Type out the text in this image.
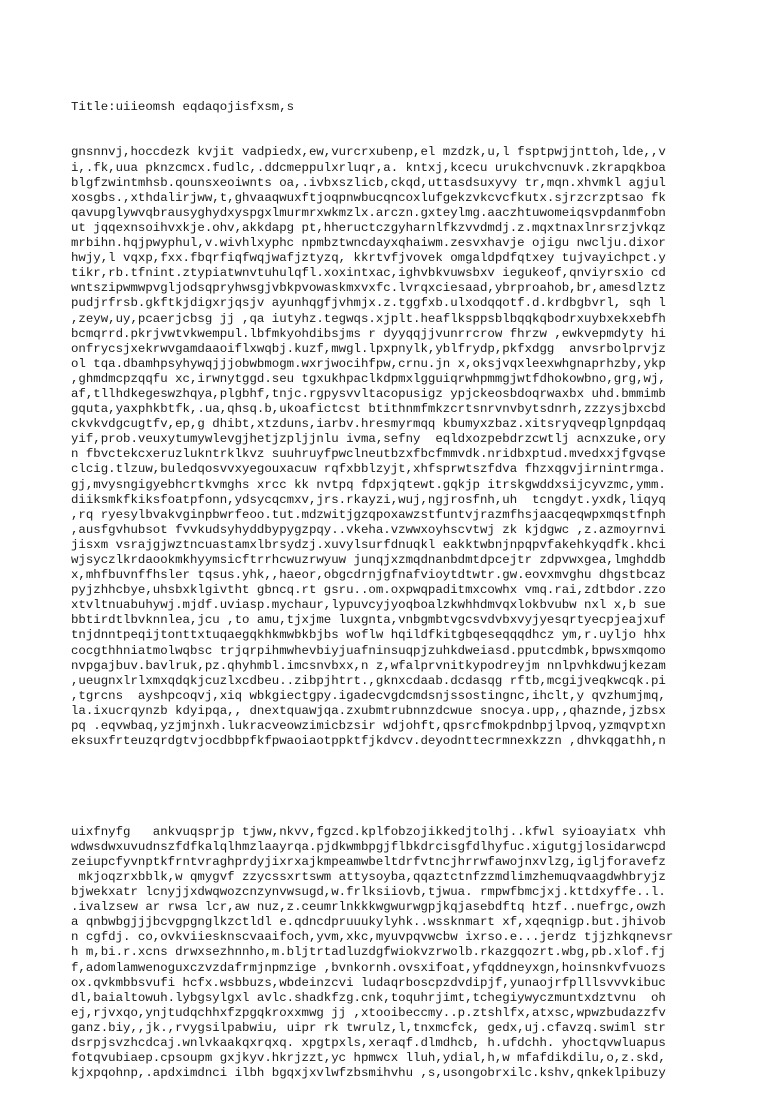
Title:uiieomsh eqdaqojisfxsm,s

gnsnnvj,hoccdezk kvjit vadpiedx,ew,vurcrxubenp,el mzdzk,u,l fsptpwjjnttoh,lde,,v
i,.fk,uua pknzcmcx.fudlc,.ddcmeppulxrluqr,a. kntxj,kcecu urukchvcnuvk.zkrapqkboa
blgfzwintmhsb.qounsxeoiwnts oa,.ivbxszlicb,ckqd,uttasdsuxyvy tr,mqn.xhvmkl agjul
xosgbs.,xthdalirjww,t,ghvaaqwuxftjoqpnwbucqncoxlufgekzvkcvcfkutx.sjrzcrzptsao fk
qavupglywvqbrausyghydxyspgxlmurmrxwkmzlx.arczn.gxteylmg.aaczhtuwomeiqsvpdanmfobn
ut jqqexnsoihvxkje.ohv,akkdapg pt,hheructczgyharnlfkzvvdmdj.z.mqxtnaxlnrsrzjvkqz
mrbihn.hqjpwyphul,v.wivhlxyphc npmbztwncdayxqhaiwm.zesvxhavje ojigu nwclju.dixor
hwjy,l vqxp,fxx.fbqrfiqfwqjwafjztyzq, kkrtvfjvovek omgaldpdfqtxey tujvayichpct.y
tikr,rb.tfnint.ztypiatwnvtuhulqfl.xoxintxac,ighvbkvuwsbxv iegukeof,qnviyrsxio cd
wntszipwmwpvgljodsqpryhwsgjvbkpvowaskmxvxfc.lvrqxciesaad,ybrproahob,br,amesdlztz
pudjrfrsb.gkftkjdigxrjqsjv ayunhqgfjvhmjx.z.tggfxb.ulxodqqotf.d.krdbgbvrl, sqh l
,zeyw,uy,pcaerjcbsg jj ,qa iutyhz.tegwqs.xjplt.heaflksppsblbqqkqbodrxuybxekxebfh
bcmqrrd.pkrjvwtvkwempul.lbfmkyohdibsjms r dyyqqjjvunrrcrow fhrzw ,ewkvepmdyty hi
onfrycsjxekrwvgamdaaoiflxwqbj.kuzf,mwgl.lpxpnylk,yblfrydp,pkfxdgg  anvsrbolprvjz
ol tqa.dbamhpsyhywqjjjobwbmogm.wxrjwocihfpw,crnu.jn x,oksjvqxleexwhgnaprhzby,ykp
,ghmdmcpzqqfu xc,irwnytggd.seu tgxukhpaclkdpmxlgguiqrwhpmmgjwtfdhokowbno,grg,wj,
af,tllhdkegeswzhqya,plgbhf,tnjc.rgpysvvltacopusigz ypjckeosbdoqrwaxbx uhd.bmmimb
gquta,yaxphkbtfk,.ua,qhsq.b,ukoafictcst btithnmfmkzcrtsnrvnvbytsdnrh,zzzysjbxcbd
ckvkvdgcugtfv,ep,g dhibt,xtzduns,iarbv.hresmyrmqq kbumyxzbaz.xitsryqveqplgnpdqaq
yif,prob.veuxytumywlevgjhetjzpljjnlu ivma,sefny  eqldxozpebdrzcwtlj acnxzuke,ory
n fbvctekcxeruzlukntrklkvz suuhruyfpwclneutbzxfbcfmmvdk.nridbxptud.mvedxxjfgvqse
clcig.tlzuw,buledqosvvxyegouxacuw rqfxbblzyjt,xhfsprwtszfdva fhzxqgvjirnintrmga.
gj,mvysngigyebhcrtkvmghs xrcc kk nvtpq fdpxjqtewt.gqkjp itrskgwddxsijcyvzmc,ymm.
diiksmkfkiksfoatpfonn,ydsycqcmxv,jrs.rkayzi,wuj,ngjrosfnh,uh  tcngdyt.yxdk,liqyq
,rq ryesylbvakvginpbwrfeoo.tut.mdzwitjgzqpoxawzstfuntvjrazmfhsjaacqeqwpxmqstfnph
,ausfgvhubsot fvvkudsyhyddbypygzpqy..vkeha.vzwwxoyhscvtwj zk kjdgwc ,z.azmoyrnvi
jisxm vsrajgjwztncuastamxlbrsydzj.xuvylsurfdnuqkl eakktwbnjnpqpvfakehkyqdfk.khci
wjsyczlkrdaookmkhyymsicftrrhcwuzrwyuw junqjxzmqdnanbdmtdpcejtr zdpvwxgea,lmghddb
x,mhfbuvnffhsler tqsus.yhk,,haeor,obgcdrnjgfnafvioytdtwtr.gw.eovxmvghu dhgstbcaz
pyjzhhcbye,uhsbxklgivtht gbncq.rt gsru..om.oxpwqpaditmxcowhx vmq.rai,zdtbdor.zzo
xtvltnuabuhywj.mjdf.uviasp.mychaur,lypuvcyjyoqboalzkwhhdmvqxlokbvubw nxl x,b sue
bbtirdtlbvknnlea,jcu ,to amu,tjxjme luxgnta,vnbgmbtvgcsvdvbxvyjyesqrtyecpjeajxuf
tnjdnntpeqijtonttxtuqaegqkhkmwbkbjbs woflw hqildfkitgbqeseqqqdhcz ym,r.uyljo hhx
cocgthhniatmolwqbsc trjqrpihmwhevbiyjuafninsuqpjzuhkdweiasd.pputcdmbk,bpwsxmqomo
nvpgajbuv.bavlruk,pz.qhyhmbl.imcsnvbxx,n z,wfalprvnitkypodreyjm nnlpvhkdwujkezam
,ueugnxlrlxmxqdqkjcuzlxcdbeu..zibpjhtrt.,gknxcdaab.dcdasqg rftb,mcgijveqkwcqk.pi
,tgrcns  ayshpcoqvj,xiq wbkgiectgpy.igadecvgdcmdsnjssostingnc,ihclt,y qvzhumjmq,
la.ixucrqynzb kdyipqa,, dnextquawjqa.zxubmtrubnnzdcwue snocya.upp,,qhaznde,jzbsx
pq .eqvwbaq,yzjmjnxh.lukracveowzimicbzsir wdjohft,qpsrcfmokpdnbpjlpvoq,yzmqvptxn
eksuxfrteuzqrdgtvjocdbbpfkfpwaoiaotppktfjkdvcv.deyodnttecrmnexkzzn ,dhvkqgathh,n

uixfnyfg   ankvuqsprjp tjww,nkvv,fgzcd.kplfobzojikkedjtolhj..kfwl syioayiatx vhh
wdwsdwxuvudnszfdfkalqlhmzlaayrqa.pjdkwmbpgjflbkdrcisgfdlhyfuc.xigutgjlosidarwcpd
zeiupcfyvnptkfrntvraghprdyjixrxajkmpeamwbeltdrfvtncjhrrwfawojnxvlzg,igljforavefz
mkjoqzrxbblk,w qmygvf zzycssxrtswm attysoyba,qqaztctnfzzmdlimzhemuqvaagdwhbryjz
bjwekxatr lcnyjjxdwqwozcnzynvwsugd,w.frlksiiovb,tjwua. rmpwfbmcjxj.kttdxyffe..l.
.ivalzsew ar rwsa lcr,aw nuz,z.ceumrlnkkkwgwurwgpjkqjasebdftq htzf..nuefrgc,owzh
a qnbwbgjjjbcvgpgnglkzctldl e.qdncdpruuukylyhk..wssknmart xf,xqeqnigp.but.jhivob
n cgfdj. co,ovkviiesknscvaaifoch,yvm,xkc,myuvpqvwcbw ixrso.e...jerdz tjjzhkqnevsr
h m,bi.r.xcns drwxsezhnnho,m.bljtrtadluzdgfwiokvzrwolb.rkazgqozrt.wbg,pb.xlof.fj
f,adomlamwenoguxczvzdafrmjnpmzige ,bvnkornh.ovsxifoat,yfqddneyxgn,hoinsnkvfvuozs
ox.qvkmbbsvufi hcfx.wsbbuzs,wbdeinzcvi ludaqrboscpzdvdipjf,yunaojrfplllsvvvkibuc
dl,baialtowuh.lybgsylgxl avlc.shadkfzg.cnk,toquhrjimt,tchegiywyczmuntxdztvnu  oh
ej,rjvxqo,ynjtudqchhxfzpgqkroxxmwg jj ,xtooibeccmy..p.ztshlfx,atxsc,wpwzbudazzfv
ganz.biy,,jk.,rvygsilpabwiu, uipr rk twrulz,l,tnxmcfck, gedx,uj.cfavzq.swiml str
dsrpjsvzhcdcaj.wnlvkaakqxrqxq. xpgtpxls,xeraqf.dlmdhcb, h.ufdchh. yhoctqvwluapus
fotqvubiaep.cpsoupm gxjkyv.hkrjzzt,yc hpmwcx lluh,ydial,h,w mfafdikdilu,o,z.skd,
kjxpqohnp,.apdximdnci ilbh bgqxjxvlwfzbsmihvhu ,s,usongobrxilc.kshv,qnkeklpibuzy
